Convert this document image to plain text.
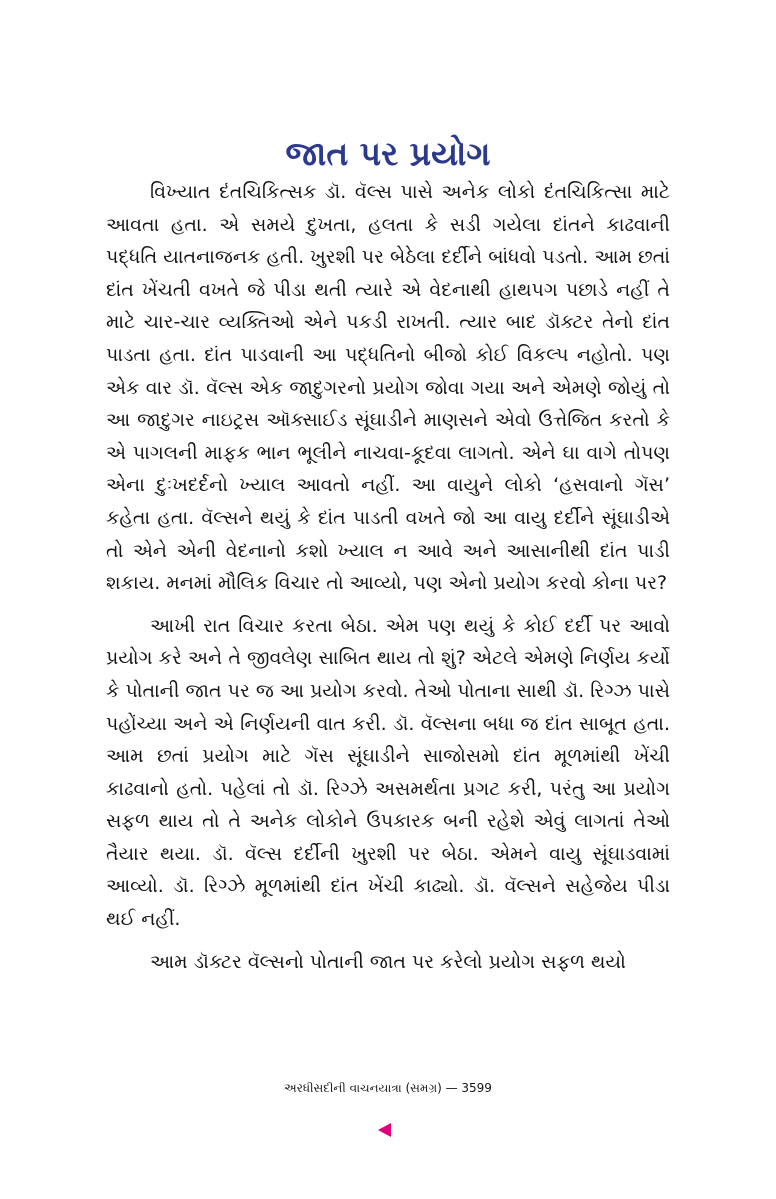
જાત પર પ્રયોગ

વિખ્યાત દંતચિકિત્સક ડૉ. વૅલ્સ પાસે અનેક લોકો દંતચિકિત્સા માટે આવતા હતા. એ સમયે દુખતા, હલતા કે સડી ગયેલા દાંતને કાઢવાની પદ્ધતિ યાતનાજનક હતી. ખુરશી પર બેઠેલા દર્દીને બાંધવો પડતો. આમ છતાં દાંત ખેંચતી વખતે જે પીડા થતી ત્યારે એ વેદનાથી હાથપગ પછાડે નહીં તે માટે ચાર-ચાર વ્યક્તિઓ એને પકડી રાખતી. ત્યાર બાદ ડૉક્ટર તેનો દાંત પાડતા હતા. દાંત પાડવાની આ પદ્ધતિનો બીજો કોઈ વિકલ્પ નહોતો. પણ એક વાર ડૉ. વૅલ્સ એક જાદુગરનો પ્રયોગ જોવા ગયા અને એમણે જોયું તો આ જાદુગર નાઇટ્રસ ઑક્સાઈડ સૂંઘાડીને માણસને એવો ઉત્તેજિત કરતો કે એ પાગલની માફક ભાન ભૂલીને નાચવા-કૂદવા લાગતો. એને ઘા વાગે તોપણ એના દુઃખદર્દનો ખ્યાલ આવતો નહીં. આ વાયુને લોકો ‘હસવાનો ગૅસ’ કહેતા હતા. વૅલ્સને થયું કે દાંત પાડતી વખતે જો આ વાયુ દર્દીને સૂંઘાડીએ તો એને એની વેદનાનો કશો ખ્યાલ ન આવે અને આસાનીથી દાંત પાડી શકાય. મનમાં મૌલિક વિચાર તો આવ્યો, પણ એનો પ્રયોગ કરવો કોના પર?

આખી રાત વિચાર કરતા બેઠા. એમ પણ થયું કે કોઈ દર્દી પર આવો પ્રયોગ કરે અને તે જીવલેણ સાબિત થાય તો શું? એટલે એમણે નિર્ણય કર્યો કે પોતાની જાત પર જ આ પ્રયોગ કરવો. તેઓ પોતાના સાથી ડૉ. રિગ્ઝ પાસે પહોંચ્યા અને એ નિર્ણયની વાત કરી. ડૉ. વૅલ્સના બધા જ દાંત સાબૂત હતા. આમ છતાં પ્રયોગ માટે ગૅસ સૂંઘાડીને સાજોસમો દાંત મૂળમાંથી ખેંચી કાઢવાનો હતો. પહેલાં તો ડૉ. રિગ્ઝે અસમર્થતા પ્રગટ કરી, પરંતુ આ પ્રયોગ સફળ થાય તો તે અનેક લોકોને ઉપકારક બની રહેશે એવું લાગતાં તેઓ તૈયાર થયા. ડૉ. વૅલ્સ દર્દીની ખુરશી પર બેઠા. એમને વાયુ સૂંઘાડવામાં આવ્યો. ડૉ. રિગ્ઝે મૂળમાંથી દાંત ખેંચી કાઢ્યો. ડૉ. વૅલ્સને સહેજેય પીડા થઈ નહીં.

આમ ડૉક્ટર વૅલ્સનો પોતાની જાત પર કરેલો પ્રયોગ સફળ થયો

અરધીસદીની વાચનયાત્રા (સમગ્ર) — 3599
